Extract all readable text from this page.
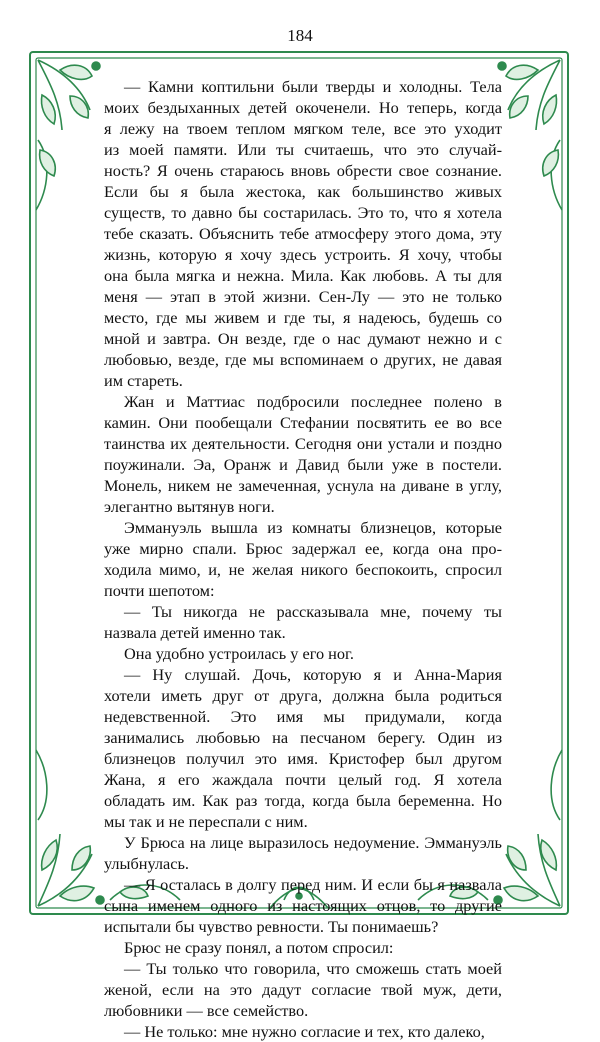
184
— Камни коптильни были тверды и холодны. Тела
моих бездыханных детей окоченели. Но теперь, когда
я лежу на твоем теплом мягком теле, все это уходит
из моей памяти. Или ты считаешь, что это случай-
ность? Я очень стараюсь вновь обрести свое сознание.
Если бы я была жестока, как большинство живых
существ, то давно бы состарилась. Это то, что я хотела
тебе сказать. Объяснить тебе атмосферу этого дома, эту
жизнь, которую я хочу здесь устроить. Я хочу, чтобы
она была мягка и нежна. Мила. Как любовь. А ты для
меня — этап в этой жизни. Сен-Лу — это не только
место, где мы живем и где ты, я надеюсь, будешь со
мной и завтра. Он везде, где о нас думают нежно и с
любовью, везде, где мы вспоминаем о других, не давая
им стареть.
Жан и Маттиас подбросили последнее полено в
камин. Они пообещали Стефании посвятить ее во все
таинства их деятельности. Сегодня они устали и поздно
поужинали. Эа, Оранж и Давид были уже в постели.
Монель, никем не замеченная, уснула на диване в углу,
элегантно вытянув ноги.
Эммануэль вышла из комнаты близнецов, которые
уже мирно спали. Брюс задержал ее, когда она про-
ходила мимо, и, не желая никого беспокоить, спросил
почти шепотом:
— Ты никогда не рассказывала мне, почему ты
назвала детей именно так.
Она удобно устроилась у его ног.
— Ну слушай. Дочь, которую я и Анна-Мария
хотели иметь друг от друга, должна была родиться
недевственной. Это имя мы придумали, когда
занимались любовью на песчаном берегу. Один из
близнецов получил это имя. Кристофер был другом
Жана, я его жаждала почти целый год. Я хотела
обладать им. Как раз тогда, когда была беременна. Но
мы так и не переспали с ним.
У Брюса на лице выразилось недоумение. Эммануэль
улыбнулась.
— Я осталась в долгу перед ним. И если бы я назвала
сына именем одного из настоящих отцов, то другие
испытали бы чувство ревности. Ты понимаешь?
Брюс не сразу понял, а потом спросил:
— Ты только что говорила, что сможешь стать моей
женой, если на это дадут согласие твой муж, дети,
любовники — все семейство.
— Не только: мне нужно согласие и тех, кто далеко,
